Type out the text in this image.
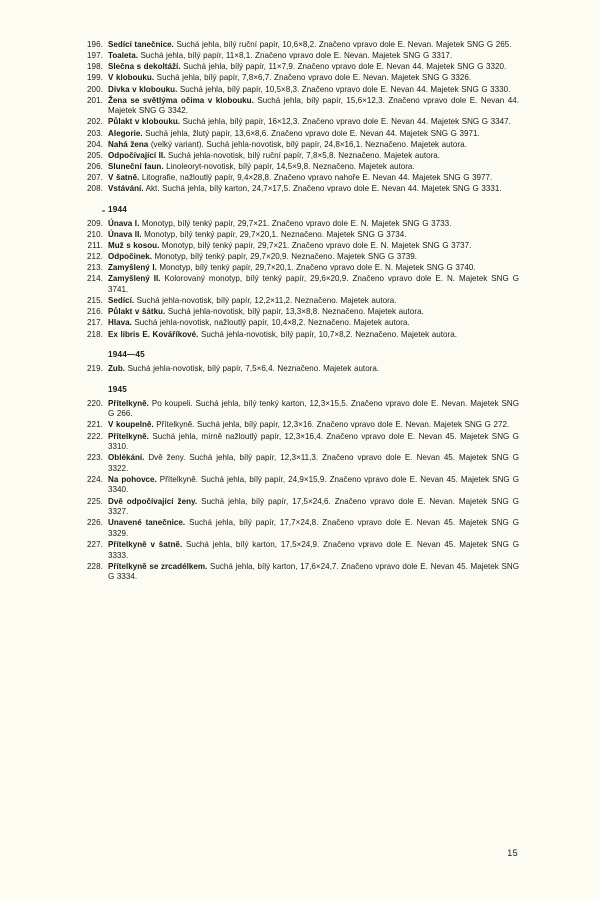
196. Sedící tanečnice. Suchá jehla, bílý ruční papír, 10,6×8,2. Značeno vpravo dole E. Nevan. Majetek SNG G 265.
197. Toaleta. Suchá jehla, bílý papír, 11×8,1. Značeno vpravo dole E. Nevan. Majetek SNG G 3317.
198. Slečna s dekoltáží. Suchá jehla, bílý papír, 11×7,9. Značeno vpravo dole E. Nevan 44. Majetek SNG G 3320.
199. V klobouku. Suchá jehla, bílý papír, 7,8×6,7. Značeno vpravo dole E. Nevan. Majetek SNG G 3326.
200. Dívka v klobouku. Suchá jehla, bílý papír, 10,5×8,3. Značeno vpravo dole E. Nevan 44. Majetek SNG G 3330.
201. Žena se světlýma očima v klobouku. Suchá jehla, bílý papír, 15,6×12,3. Značeno vpravo dole E. Nevan 44. Majetek SNG G 3342.
202. Půlakt v klobouku. Suchá jehla, bílý papír, 16×12,3. Značeno vpravo dole E. Nevan 44. Majetek SNG G 3347.
203. Alegorie. Suchá jehla, žlutý papír, 13,6×8,6. Značeno vpravo dole E. Nevan 44. Majetek SNG G 3971.
204. Nahá žena (velký variant). Suchá jehla-novotisk, bílý papír, 24,8×16,1. Neznačeno. Majetek autora.
205. Odpočívající II. Suchá jehla-novotisk, bílý ruční papír, 7,8×5,8. Neznačeno. Majetek autora.
206. Sluneční faun. Linoleoryt-novotisk, bílý papír, 14,5×9,8. Neznačeno. Majetek autora.
207. V šatně. Litografie, nažloutlý papír, 9,4×28,8. Značeno vpravo nahoře E. Nevan 44. Majetek SNG G 3977.
208. Vstávání. Akt. Suchá jehla, bílý karton, 24,7×17,5. Značeno vpravo dole E. Nevan 44. Majetek SNG G 3331.
1944
209. Únava I. Monotyp, bílý tenký papír, 29,7×21. Značeno vpravo dole E. N. Majetek SNG G 3733.
210. Únava II. Monotyp, bílý tenký papír, 29,7×20,1. Neznačeno. Majetek SNG G 3734.
211. Muž s kosou. Monotyp, bílý tenký papír, 29,7×21. Značeno vpravo dole E. N. Majetek SNG G 3737.
212. Odpočinek. Monotyp, bílý tenký papír, 29,7×20,9. Neznačeno. Majetek SNG G 3739.
213. Zamyšlený I. Monotyp, bílý tenký papír, 29,7×20,1. Značeno vpravo dole E. N. Majetek SNG G 3740.
214. Zamyšlený II. Kolorovaný monotyp, bílý tenký papír, 29,6×20,9. Značeno vpravo dole E. N. Majetek SNG G 3741.
215. Sedící. Suchá jehla-novotisk, bílý papír, 12,2×11,2. Neznačeno. Majetek autora.
216. Půlakt v šátku. Suchá jehla-novotisk, bílý papír, 13,3×8,8. Neznačeno. Majetek autora.
217. Hlava. Suchá jehla-novotisk, nažloutlý papír, 10,4×8,2. Neznačeno. Majetek autora.
218. Ex libris E. Kováříkové. Suchá jehla-novotisk, bílý papír, 10,7×8,2. Neznačeno. Majetek autora.
1944—45
219. Zub. Suchá jehla-novotisk, bílý papír, 7,5×6,4. Neznačeno. Majetek autora.
1945
220. Přítelkyně. Po koupeli. Suchá jehla, bílý tenký karton, 12,3×15,5. Značeno vpravo dole E. Nevan. Majetek SNG G 266.
221. V koupelně. Přítelkyně. Suchá jehla, bílý papír, 12,3×16. Značeno vpravo dole E. Nevan. Majetek SNG G 272.
222. Přítelkyně. Suchá jehla, mírně nažloutlý papír, 12,3×16,4. Značeno vpravo dole E. Nevan 45. Majetek SNG G 3310.
223. Oblékání. Dvě ženy. Suchá jehla, bílý papír, 12,3×11,3. Značeno vpravo dole E. Nevan 45. Majetek SNG G 3322.
224. Na pohovce. Přítelkyně. Suchá jehla, bílý papír, 24,9×15,9. Značeno vpravo dole E. Nevan 45. Majetek SNG G 3340.
225. Dvě odpočívající ženy. Suchá jehla, bílý papír, 17,5×24,6. Značeno vpravo dole E. Nevan. Majetek SNG G 3327.
226. Unavené tanečnice. Suchá jehla, bílý papír, 17,7×24,8. Značeno vpravo dole E. Nevan 45. Majetek SNG G 3329.
227. Přítelkyně v šatně. Suchá jehla, bílý karton, 17,5×24,9. Značeno vpravo dole E. Nevan 45. Majetek SNG G 3333.
228. Přítelkyně se zrcadélkem. Suchá jehla, bílý karton, 17,6×24,7. Značeno vpravo dole E. Nevan 45. Majetek SNG G 3334.
15
